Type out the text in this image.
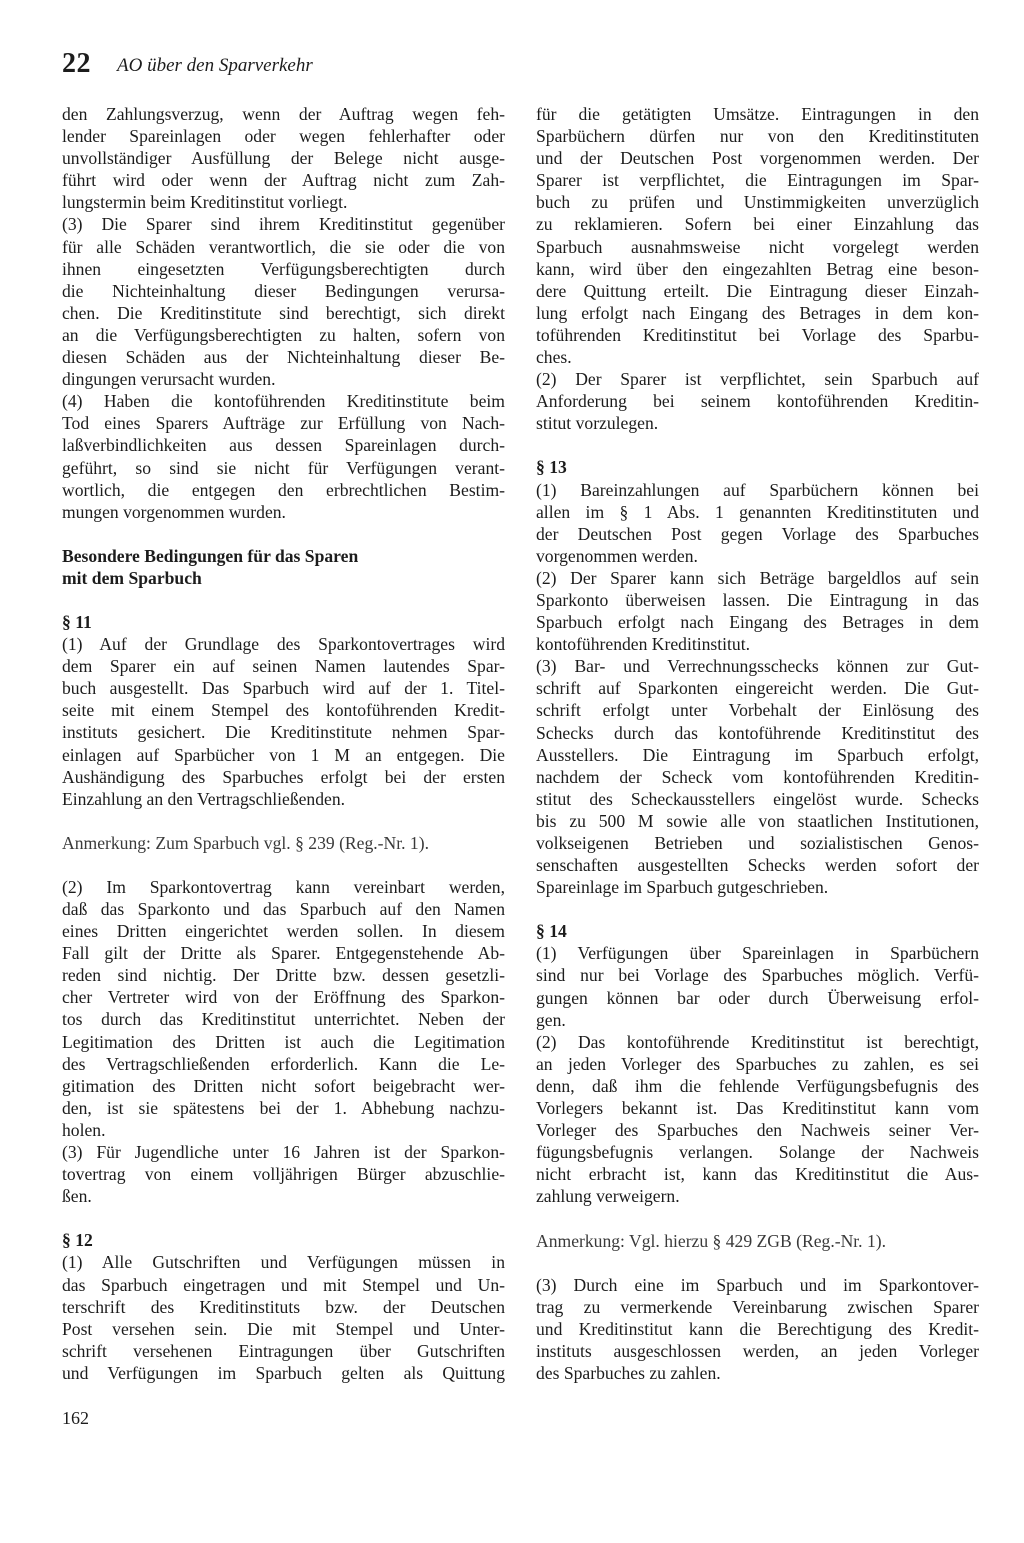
22 AO über den Sparverkehr
den Zahlungsverzug, wenn der Auftrag wegen feh-
lender Spareinlagen oder wegen fehlerhafter oder
unvollständiger Ausfüllung der Belege nicht ausge-
führt wird oder wenn der Auftrag nicht zum Zah-
lungstermin beim Kreditinstitut vorliegt.
(3) Die Sparer sind ihrem Kreditinstitut gegenüber
für alle Schäden verantwortlich, die sie oder die von
ihnen eingesetzten Verfügungsberechtigten durch
die Nichteinhaltung dieser Bedingungen verursa-
chen. Die Kreditinstitute sind berechtigt, sich direkt
an die Verfügungsberechtigten zu halten, sofern von
diesen Schäden aus der Nichteinhaltung dieser Be-
dingungen verursacht wurden.
(4) Haben die kontoführenden Kreditinstitute beim
Tod eines Sparers Aufträge zur Erfüllung von Nach-
laßverbindlichkeiten aus dessen Spareinlagen durch-
geführt, so sind sie nicht für Verfügungen verant-
wortlich, die entgegen den erbrechtlichen Bestim-
mungen vorgenommen wurden.
Besondere Bedingungen für das Sparen
mit dem Sparbuch
§ 11
(1) Auf der Grundlage des Sparkontovertrages wird
dem Sparer ein auf seinen Namen lautendes Spar-
buch ausgestellt. Das Sparbuch wird auf der 1. Titel-
seite mit einem Stempel des kontoführenden Kredit-
instituts gesichert. Die Kreditinstitute nehmen Spar-
einlagen auf Sparbücher von 1 M an entgegen. Die
Aushändigung des Sparbuches erfolgt bei der ersten
Einzahlung an den Vertragschließenden.
Anmerkung: Zum Sparbuch vgl. § 239 (Reg.-Nr. 1).
(2) Im Sparkontovertrag kann vereinbart werden,
daß das Sparkonto und das Sparbuch auf den Namen
eines Dritten eingerichtet werden sollen. In diesem
Fall gilt der Dritte als Sparer. Entgegenstehende Ab-
reden sind nichtig. Der Dritte bzw. dessen gesetzli-
cher Vertreter wird von der Eröffnung des Sparkon-
tos durch das Kreditinstitut unterrichtet. Neben der
Legitimation des Dritten ist auch die Legitimation
des Vertragschließenden erforderlich. Kann die Le-
gitimation des Dritten nicht sofort beigebracht wer-
den, ist sie spätestens bei der 1. Abhebung nachzu-
holen.
(3) Für Jugendliche unter 16 Jahren ist der Sparkon-
tovertrag von einem volljährigen Bürger abzuschlie-
ßen.
§ 12
(1) Alle Gutschriften und Verfügungen müssen in
das Sparbuch eingetragen und mit Stempel und Un-
terschrift des Kreditinstituts bzw. der Deutschen
Post versehen sein. Die mit Stempel und Unter-
schrift versehenen Eintragungen über Gutschriften
und Verfügungen im Sparbuch gelten als Quittung
für die getätigten Umsätze. Eintragungen in den
Sparbüchern dürfen nur von den Kreditinstituten
und der Deutschen Post vorgenommen werden. Der
Sparer ist verpflichtet, die Eintragungen im Spar-
buch zu prüfen und Unstimmigkeiten unverzüglich
zu reklamieren. Sofern bei einer Einzahlung das
Sparbuch ausnahmsweise nicht vorgelegt werden
kann, wird über den eingezahlten Betrag eine beson-
dere Quittung erteilt. Die Eintragung dieser Einzah-
lung erfolgt nach Eingang des Betrages in dem kon-
toführenden Kreditinstitut bei Vorlage des Sparbu-
ches.
(2) Der Sparer ist verpflichtet, sein Sparbuch auf
Anforderung bei seinem kontoführenden Kreditin-
stitut vorzulegen.
§ 13
(1) Bareinzahlungen auf Sparbüchern können bei
allen im § 1 Abs. 1 genannten Kreditinstituten und
der Deutschen Post gegen Vorlage des Sparbuches
vorgenommen werden.
(2) Der Sparer kann sich Beträge bargeldlos auf sein
Sparkonto überweisen lassen. Die Eintragung in das
Sparbuch erfolgt nach Eingang des Betrages in dem
kontoführenden Kreditinstitut.
(3) Bar- und Verrechnungsschecks können zur Gut-
schrift auf Sparkonten eingereicht werden. Die Gut-
schrift erfolgt unter Vorbehalt der Einlösung des
Schecks durch das kontoführende Kreditinstitut des
Ausstellers. Die Eintragung im Sparbuch erfolgt,
nachdem der Scheck vom kontoführenden Kreditin-
stitut des Scheckausstellers eingelöst wurde. Schecks
bis zu 500 M sowie alle von staatlichen Institutionen,
volkseigenen Betrieben und sozialistischen Genos-
senschaften ausgestellten Schecks werden sofort der
Spareinlage im Sparbuch gutgeschrieben.
§ 14
(1) Verfügungen über Spareinlagen in Sparbüchern
sind nur bei Vorlage des Sparbuches möglich. Verfü-
gungen können bar oder durch Überweisung erfol-
gen.
(2) Das kontoführende Kreditinstitut ist berechtigt,
an jeden Vorleger des Sparbuches zu zahlen, es sei
denn, daß ihm die fehlende Verfügungsbefugnis des
Vorlegers bekannt ist. Das Kreditinstitut kann vom
Vorleger des Sparbuches den Nachweis seiner Ver-
fügungsbefugnis verlangen. Solange der Nachweis
nicht erbracht ist, kann das Kreditinstitut die Aus-
zahlung verweigern.
Anmerkung: Vgl. hierzu § 429 ZGB (Reg.-Nr. 1).
(3) Durch eine im Sparbuch und im Sparkontover-
trag zu vermerkende Vereinbarung zwischen Sparer
und Kreditinstitut kann die Berechtigung des Kredit-
instituts ausgeschlossen werden, an jeden Vorleger
des Sparbuches zu zahlen.
162
